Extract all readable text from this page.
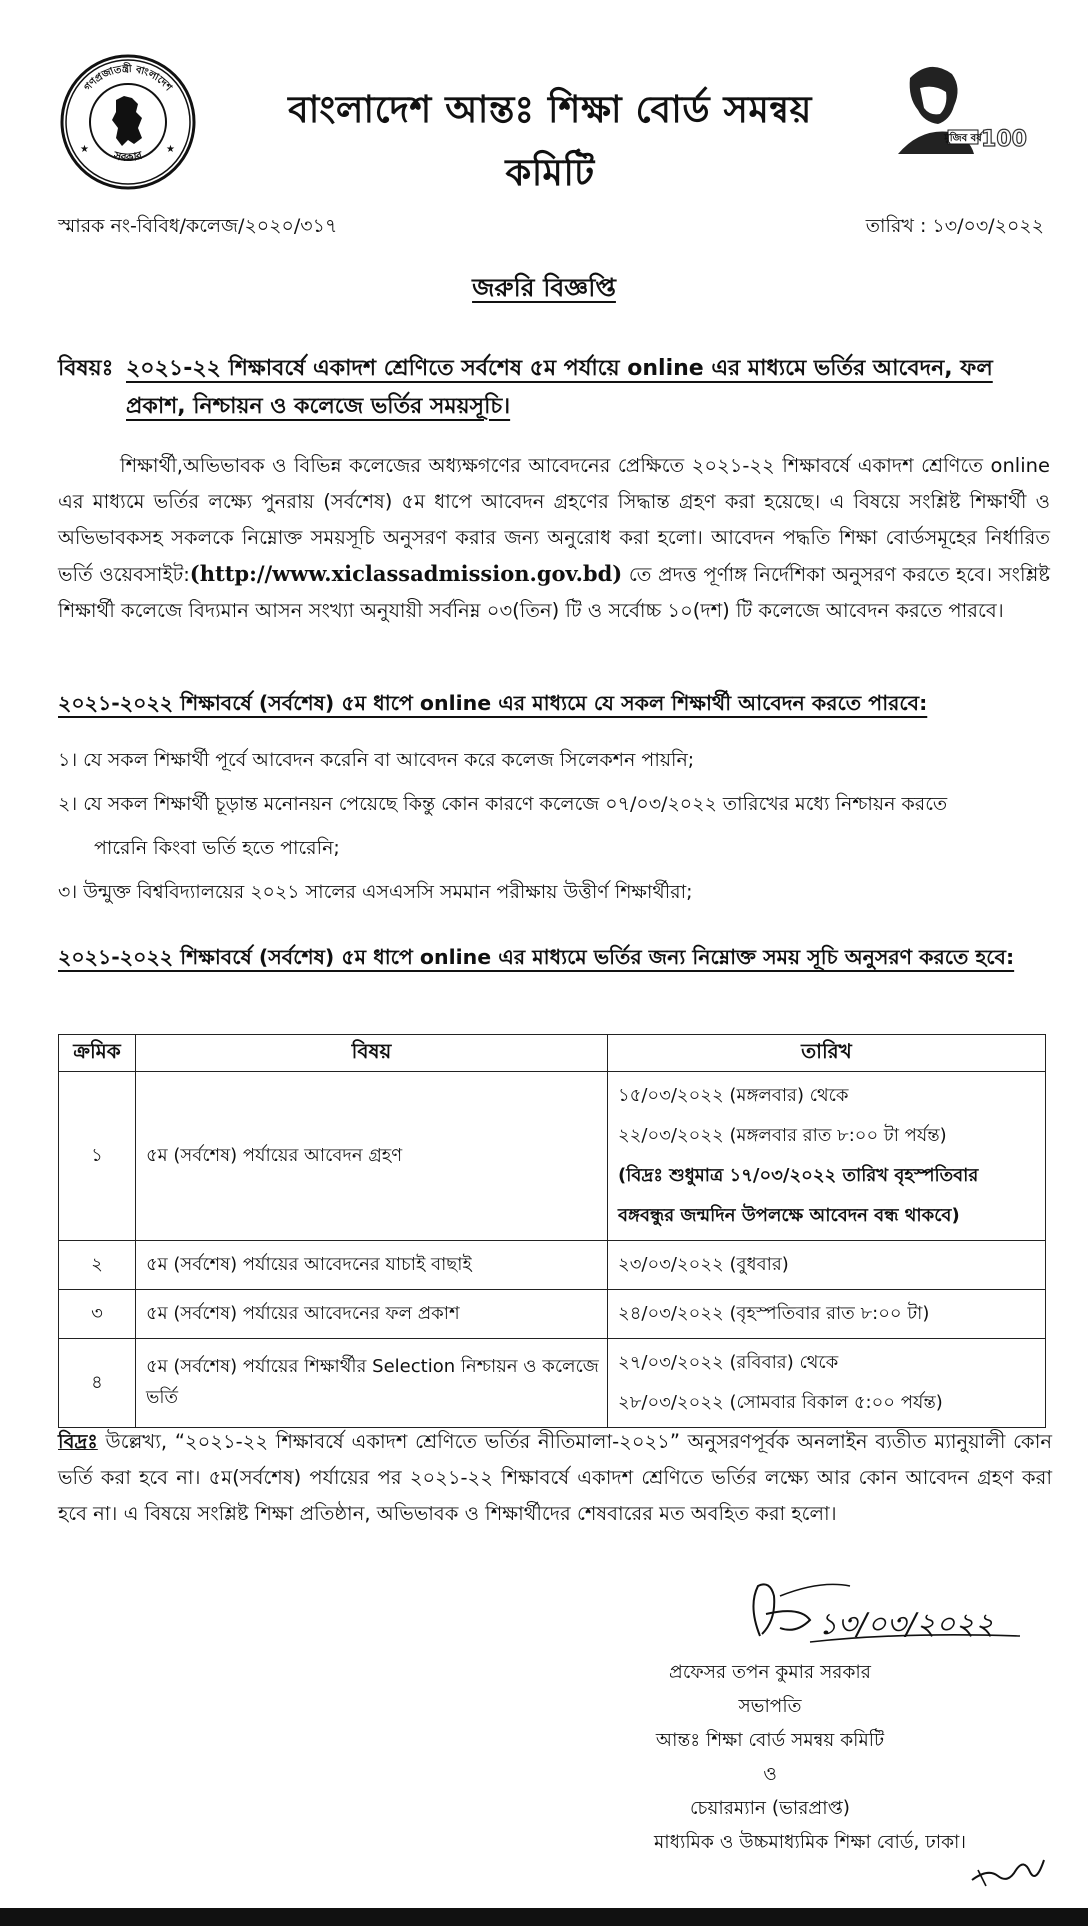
গণপ্রজাতন্ত্রী বাংলাদেশ
সরকার
★	★
বাংলাদেশ আন্তঃ শিক্ষা বোর্ড সমন্বয় কমিটি
মুজিব বর্ষ 100
স্মারক নং-বিবিধ/কলেজ/২০২০/৩১৭	তারিখ : ১৩/০৩/২০২২
জরুরি বিজ্ঞপ্তি
বিষয়ঃ ২০২১-২২ শিক্ষাবর্ষে একাদশ শ্রেণিতে সর্বশেষ ৫ম পর্যায়ে online এর মাধ্যমে ভর্তির আবেদন, ফল প্রকাশ, নিশ্চায়ন ও কলেজে ভর্তির সময়সূচি।
শিক্ষার্থী,অভিভাবক ও বিভিন্ন কলেজের অধ্যক্ষগণের আবেদনের প্রেক্ষিতে ২০২১-২২ শিক্ষাবর্ষে একাদশ শ্রেণিতে online এর মাধ্যমে ভর্তির লক্ষ্যে পুনরায় (সর্বশেষ) ৫ম ধাপে আবেদন গ্রহণের সিদ্ধান্ত গ্রহণ করা হয়েছে। এ বিষয়ে সংশ্লিষ্ট শিক্ষার্থী ও অভিভাবকসহ সকলকে নিম্নোক্ত সময়সূচি অনুসরণ করার জন্য অনুরোধ করা হলো। আবেদন পদ্ধতি শিক্ষা বোর্ডসমূহের নির্ধারিত ভর্তি ওয়েবসাইট:(http://www.xiclassadmission.gov.bd) তে প্রদত্ত পূর্ণাঙ্গ নির্দেশিকা অনুসরণ করতে হবে। সংশ্লিষ্ট শিক্ষার্থী কলেজে বিদ্যমান আসন সংখ্যা অনুযায়ী সর্বনিম্ন ০৩(তিন) টি ও সর্বোচ্চ ১০(দশ) টি কলেজে আবেদন করতে পারবে।
২০২১-২০২২ শিক্ষাবর্ষে (সর্বশেষ) ৫ম ধাপে online এর মাধ্যমে যে সকল শিক্ষার্থী আবেদন করতে পারবে:
১। যে সকল শিক্ষার্থী পূর্বে আবেদন করেনি বা আবেদন করে কলেজ সিলেকশন পায়নি;
২। যে সকল শিক্ষার্থী চূড়ান্ত মনোনয়ন পেয়েছে কিন্তু কোন কারণে কলেজে ০৭/০৩/২০২২ তারিখের মধ্যে নিশ্চায়ন করতে
পারেনি কিংবা ভর্তি হতে পারেনি;
৩। উন্মুক্ত বিশ্ববিদ্যালয়ের ২০২১ সালের এসএসসি সমমান পরীক্ষায় উত্তীর্ণ শিক্ষার্থীরা;
২০২১-২০২২ শিক্ষাবর্ষে (সর্বশেষ) ৫ম ধাপে online এর মাধ্যমে ভর্তির জন্য নিম্নোক্ত সময় সূচি অনুসরণ করতে হবে:
ক্রমিক	বিষয়	তারিখ
১	৫ম (সর্বশেষ) পর্যায়ের আবেদন গ্রহণ	১৫/০৩/২০২২ (মঙ্গলবার) থেকে
২২/০৩/২০২২ (মঙ্গলবার রাত ৮:০০ টা পর্যন্ত)
(বিদ্রঃ শুধুমাত্র ১৭/০৩/২০২২ তারিখ বৃহস্পতিবার বঙ্গবন্ধুর জন্মদিন উপলক্ষে আবেদন বন্ধ থাকবে)

২	৫ম (সর্বশেষ) পর্যায়ের আবেদনের যাচাই বাছাই	২৩/০৩/২০২২ (বুধবার)

৩	৫ম (সর্বশেষ) পর্যায়ের আবেদনের ফল প্রকাশ	২৪/০৩/২০২২ (বৃহস্পতিবার রাত ৮:০০ টা)

৪	৫ম (সর্বশেষ) পর্যায়ের শিক্ষার্থীর Selection নিশ্চায়ন ও কলেজে ভর্তি	২৭/০৩/২০২২ (রবিবার) থেকে
২৮/০৩/২০২২ (সোমবার বিকাল ৫:০০ পর্যন্ত)
বিদ্রঃ উল্লেখ্য, “২০২১-২২ শিক্ষাবর্ষে একাদশ শ্রেণিতে ভর্তির নীতিমালা-২০২১” অনুসরণপূর্বক অনলাইন ব্যতীত ম্যানুয়ালী কোন ভর্তি করা হবে না। ৫ম(সর্বশেষ) পর্যায়ের পর ২০২১-২২ শিক্ষাবর্ষে একাদশ শ্রেণিতে ভর্তির লক্ষ্যে আর কোন আবেদন গ্রহণ করা হবে না। এ বিষয়ে সংশ্লিষ্ট শিক্ষা প্রতিষ্ঠান, অভিভাবক ও শিক্ষার্থীদের শেষবারের মত অবহিত করা হলো।
১৩/০৩/২০২২
প্রফেসর তপন কুমার সরকার
সভাপতি
আন্তঃ শিক্ষা বোর্ড সমন্বয় কমিটি
ও
চেয়ারম্যান (ভারপ্রাপ্ত)
মাধ্যমিক ও উচ্চমাধ্যমিক শিক্ষা বোর্ড, ঢাকা।
